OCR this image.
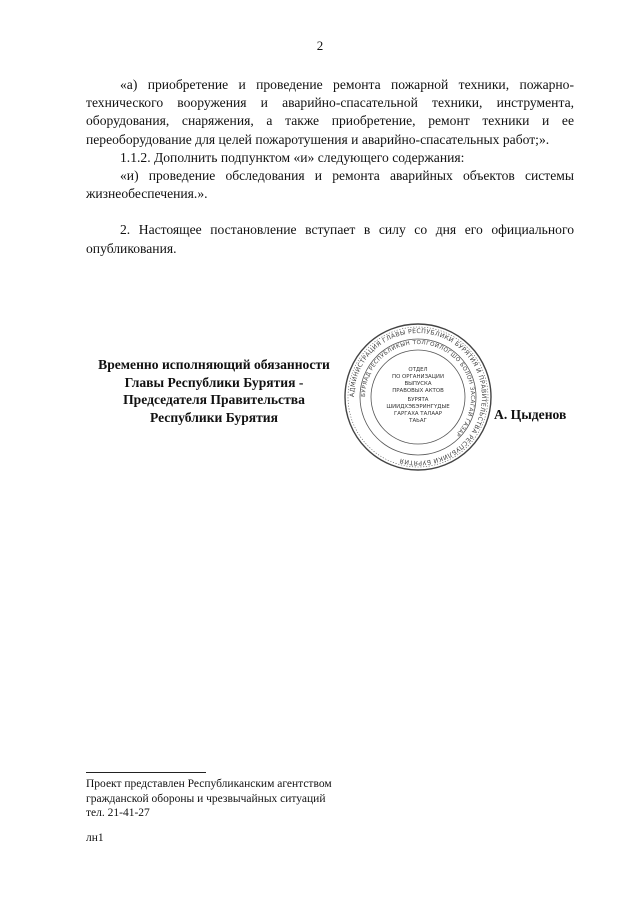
2

«а) приобретение и проведение ремонта пожарной техники, пожарно-технического вооружения и аварийно-спасательной техники, инструмента, оборудования, снаряжения, а также приобретение, ремонт техники и ее переоборудование для целей пожаротушения и аварийно-спасательных работ;».

1.1.2. Дополнить подпунктом «и» следующего содержания:

«и) проведение обследования и ремонта аварийных объектов системы жизнеобеспечения.».

2. Настоящее постановление вступает в силу со дня его официального опубликования.

Временно исполняющий обязанности
Главы Республики Бурятия -
Председателя Правительства
Республики Бурятия
АДМИНИСТРАЦИЯ ГЛАВЫ РЕСПУБЛИКИ БУРЯТИЯ И ПРАВИТЕЛЬСТВА РЕСПУБЛИКИ БУРЯТИЯ
БУРЯАД РЕСПУБЛИКЫН ТОЛГОЙЛОГШО БОЛОН ЗАСАГАЙ ГАЗАР
ОТДЕЛ
ПО ОРГАНИЗАЦИИ
ВЫПУСКА
ПРАВОВЫХ АКТОВ
БУРЯТА
ШИИДХЭБЭРИНГҮДЫЕ
ГАРГАХА ТАЛААР
ТАЬАГ	А. Цыденов
Проект представлен Республиканским агентством
гражданской обороны и чрезвычайных ситуаций
тел. 21-41-27
лн1
